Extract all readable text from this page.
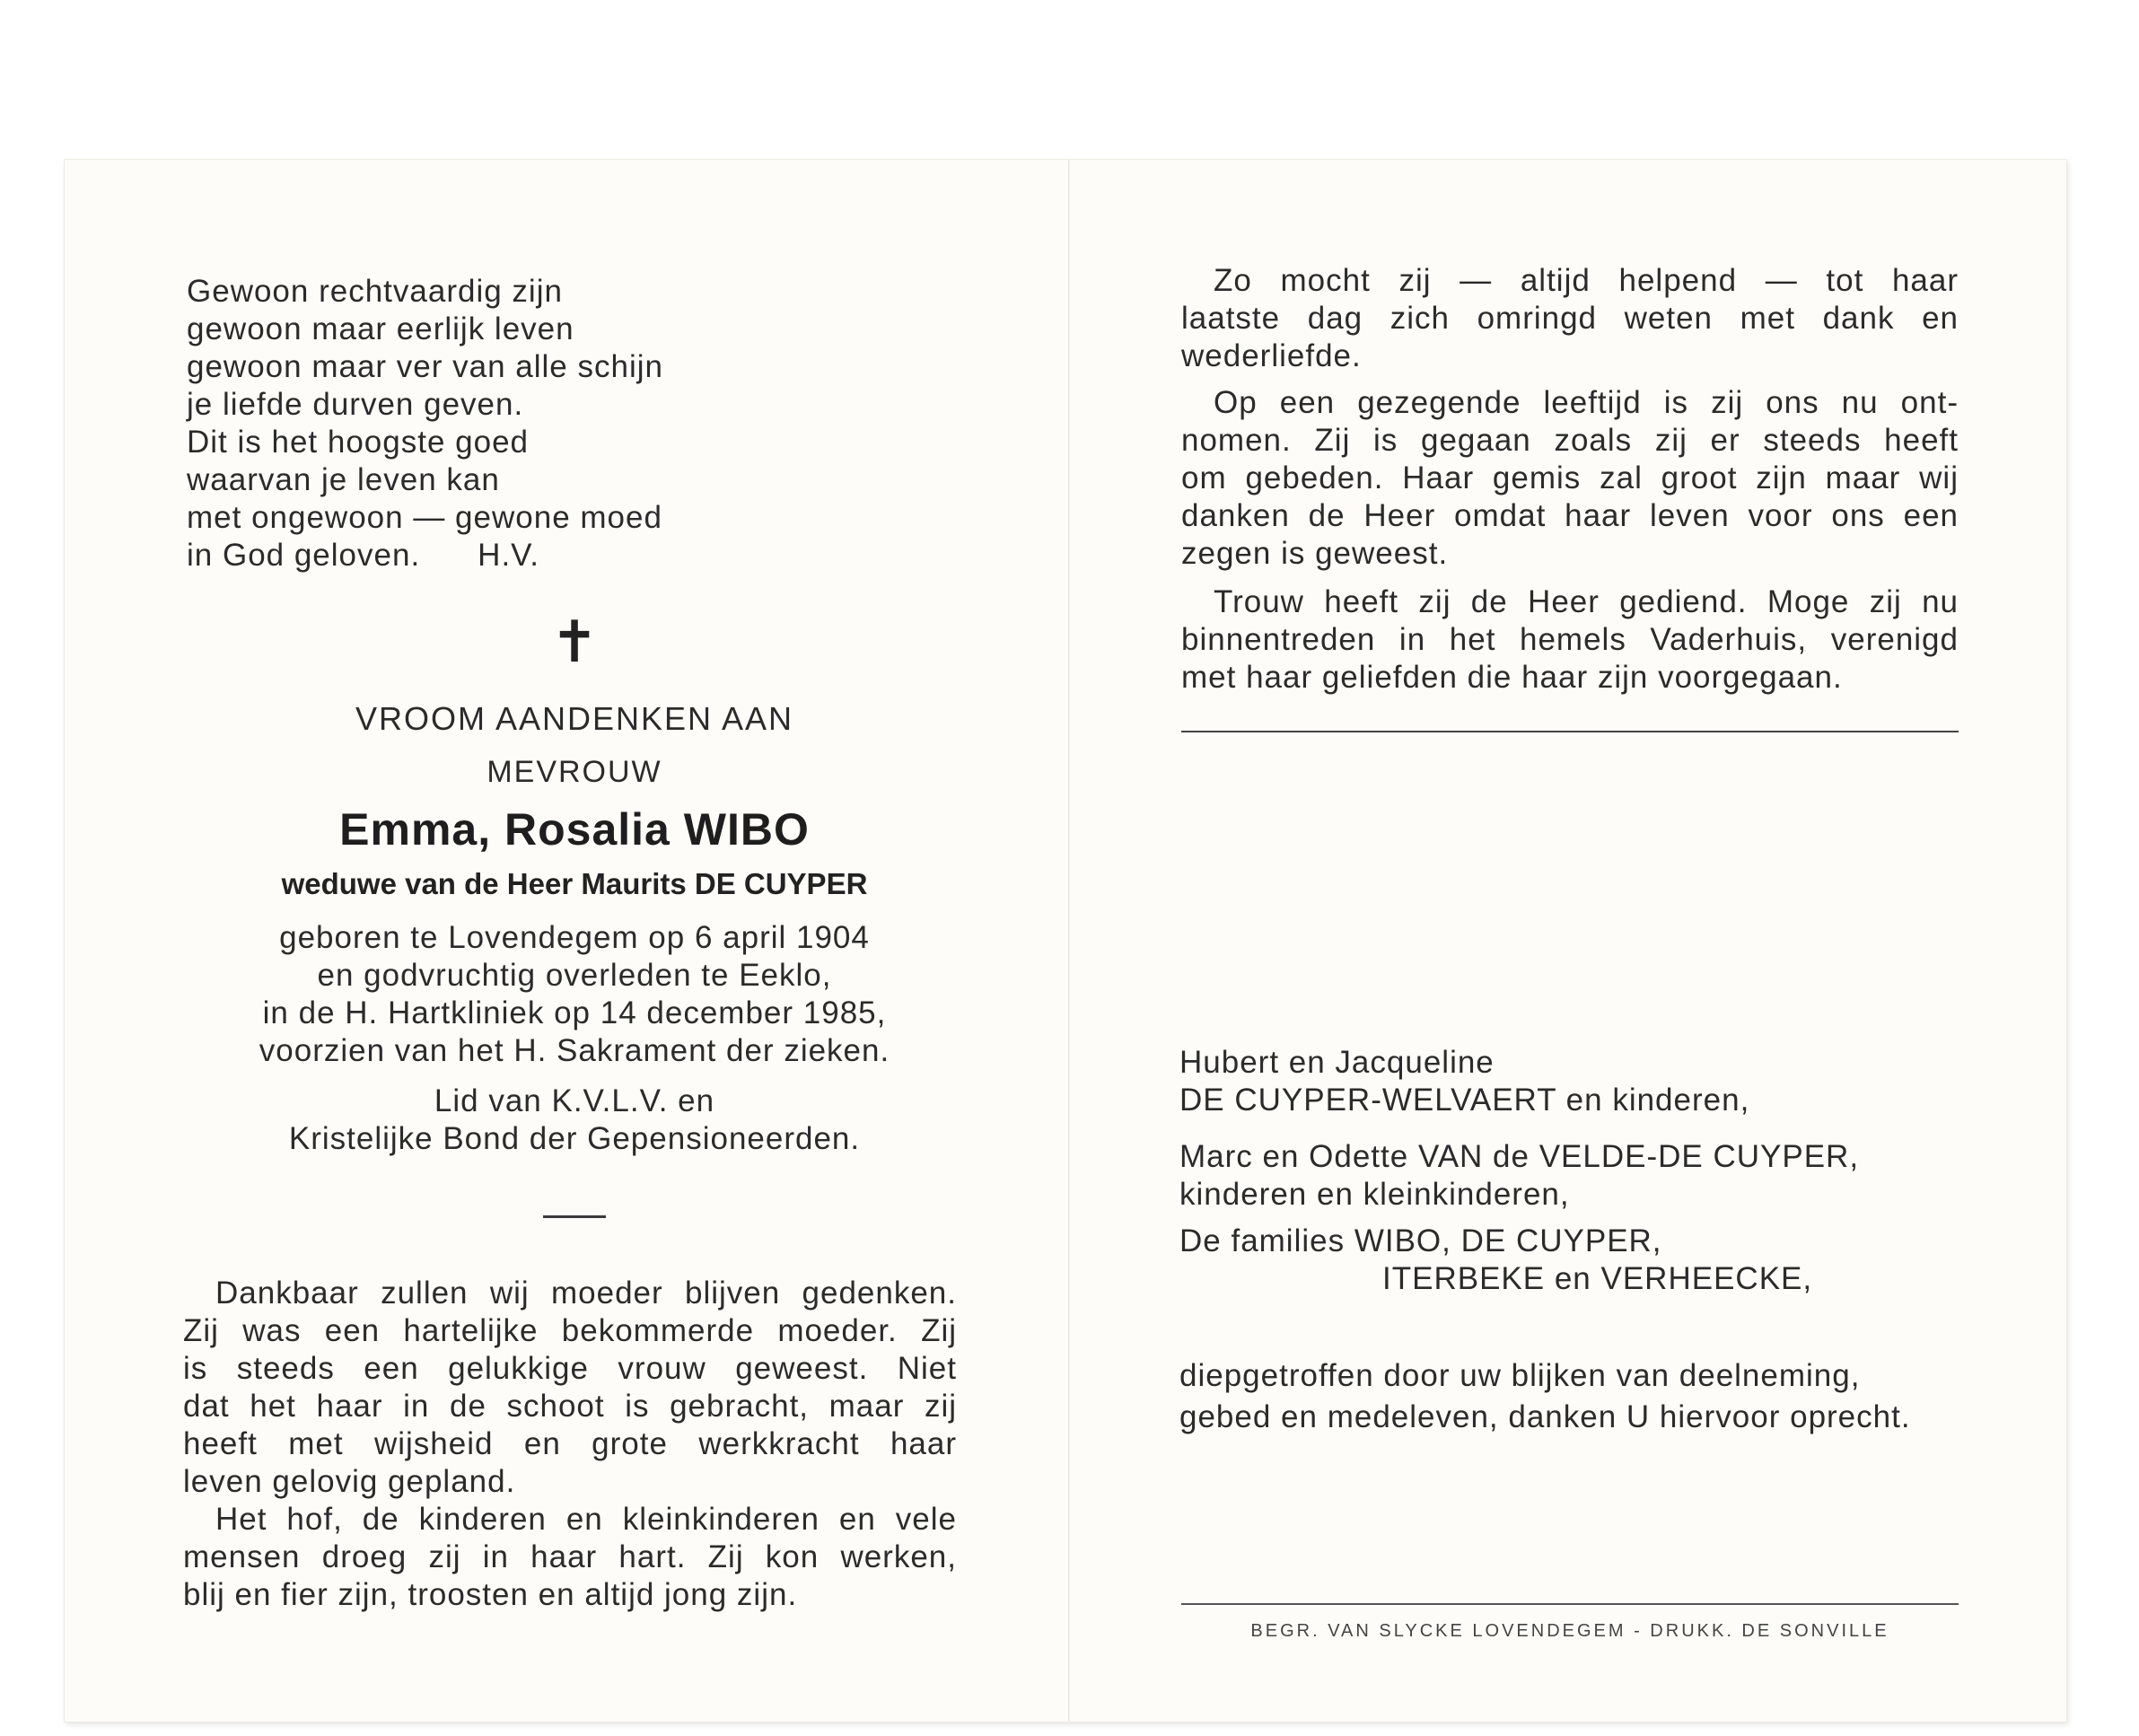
Gewoon rechtvaardig zijn
gewoon maar eerlijk leven
gewoon maar ver van alle schijn
je liefde durven geven.
Dit is het hoogste goed
waarvan je leven kan
met ongewoon — gewone moed
in God geloven. H.V.
✝
VROOM AANDENKEN AAN
MEVROUW
Emma, Rosalia WIBO
weduwe van de Heer Maurits DE CUYPER
geboren te Lovendegem op 6 april 1904
en godvruchtig overleden te Eeklo,
in de H. Hartkliniek op 14 december 1985,
voorzien van het H. Sakrament der zieken.
Lid van K.V.L.V. en
Kristelijke Bond der Gepensioneerden.
Dankbaar zullen wij moeder blijven gedenken.
Zij was een hartelijke bekommerde moeder. Zij
is steeds een gelukkige vrouw geweest. Niet
dat het haar in de schoot is gebracht, maar zij
heeft met wijsheid en grote werkkracht haar
leven gelovig gepland.
Het hof, de kinderen en kleinkinderen en vele
mensen droeg zij in haar hart. Zij kon werken,
blij en fier zijn, troosten en altijd jong zijn.
Zo mocht zij — altijd helpend — tot haar
laatste dag zich omringd weten met dank en
wederliefde.
Op een gezegende leeftijd is zij ons nu ont-
nomen. Zij is gegaan zoals zij er steeds heeft
om gebeden. Haar gemis zal groot zijn maar wij
danken de Heer omdat haar leven voor ons een
zegen is geweest.
Trouw heeft zij de Heer gediend. Moge zij nu
binnentreden in het hemels Vaderhuis, verenigd
met haar geliefden die haar zijn voorgegaan.
Hubert en Jacqueline
DE CUYPER-WELVAERT en kinderen,
Marc en Odette VAN de VELDE-DE CUYPER,
kinderen en kleinkinderen,
De families WIBO, DE CUYPER,
ITERBEKE en VERHEECKE,
diepgetroffen door uw blijken van deelneming,
gebed en medeleven, danken U hiervoor oprecht.
BEGR. VAN SLYCKE LOVENDEGEM - DRUKK. DE SONVILLE
